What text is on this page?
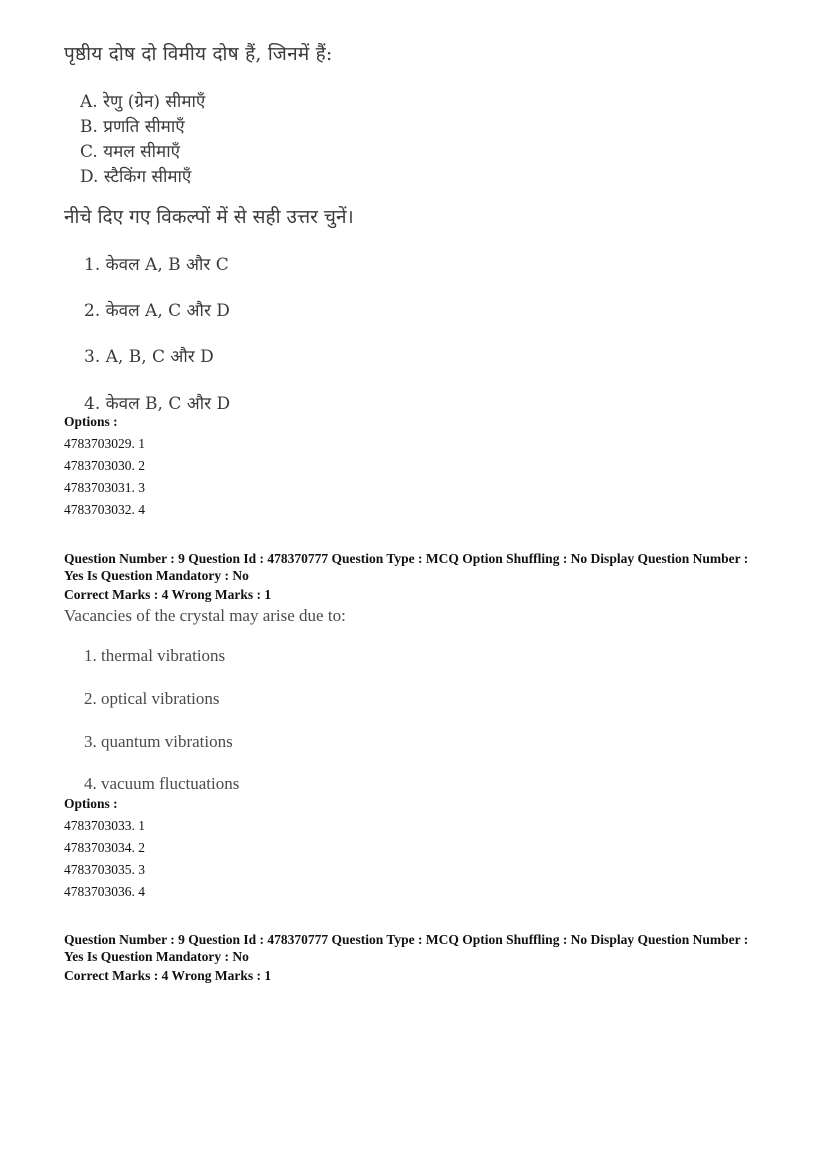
पृष्ठीय दोष दो विमीय दोष हैं, जिनमें हैं:
A. रेणु (ग्रेन) सीमाएँ
B. प्रणति सीमाएँ
C. यमल सीमाएँ
D. स्टैकिंग सीमाएँ
नीचे दिए गए विकल्पों में से सही उत्तर चुनें।
1. केवल A, B और C
2. केवल A, C और D
3. A, B, C और D
4. केवल B, C और D
Options :
4783703029. 1
4783703030. 2
4783703031. 3
4783703032. 4
Question Number : 9 Question Id : 478370777 Question Type : MCQ Option Shuffling : No Display Question Number : Yes Is Question Mandatory : No
Correct Marks : 4 Wrong Marks : 1
Vacancies of the crystal may arise due to:
1. thermal vibrations
2. optical vibrations
3. quantum vibrations
4. vacuum fluctuations
Options :
4783703033. 1
4783703034. 2
4783703035. 3
4783703036. 4
Question Number : 9 Question Id : 478370777 Question Type : MCQ Option Shuffling : No Display Question Number : Yes Is Question Mandatory : No
Correct Marks : 4 Wrong Marks : 1
